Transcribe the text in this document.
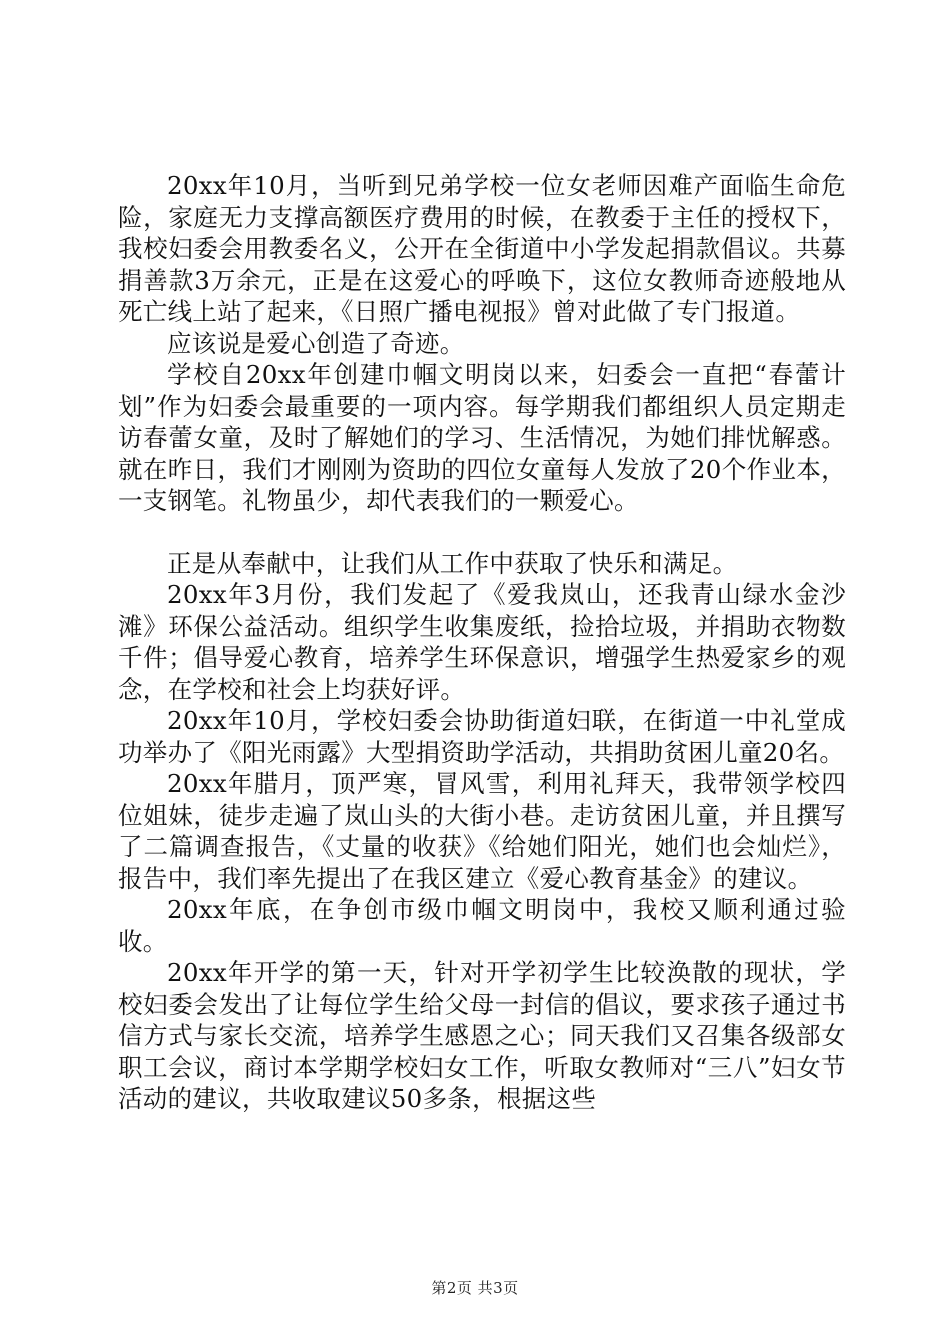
20xx年10月，当听到兄弟学校一位女老师因难产面临生命危险，家庭无力支撑高额医疗费用的时候，在教委于主任的授权下，我校妇委会用教委名义，公开在全街道中小学发起捐款倡议。共募捐善款3万余元，正是在这爱心的呼唤下，这位女教师奇迹般地从死亡线上站了起来，《日照广播电视报》曾对此做了专门报道。

应该说是爱心创造了奇迹。

学校自20xx年创建巾帼文明岗以来，妇委会一直把“春蕾计划”作为妇委会最重要的一项内容。每学期我们都组织人员定期走访春蕾女童，及时了解她们的学习、生活情况，为她们排忧解惑。就在昨日，我们才刚刚为资助的四位女童每人发放了20个作业本，一支钢笔。礼物虽少，却代表我们的一颗爱心。

正是从奉献中，让我们从工作中获取了快乐和满足。

20xx年3月份，我们发起了《爱我岚山，还我青山绿水金沙滩》环保公益活动。组织学生收集废纸，捡拾垃圾，并捐助衣物数千件；倡导爱心教育，培养学生环保意识，增强学生热爱家乡的观念，在学校和社会上均获好评。

20xx年10月，学校妇委会协助街道妇联，在街道一中礼堂成功举办了《阳光雨露》大型捐资助学活动，共捐助贫困儿童20名。

20xx年腊月，顶严寒，冒风雪，利用礼拜天，我带领学校四位姐妹，徒步走遍了岚山头的大街小巷。走访贫困儿童，并且撰写了二篇调查报告，《丈量的收获》《给她们阳光，她们也会灿烂》，报告中，我们率先提出了在我区建立《爱心教育基金》的建议。

20xx年底，在争创市级巾帼文明岗中，我校又顺利通过验收。

20xx年开学的第一天，针对开学初学生比较涣散的现状，学校妇委会发出了让每位学生给父母一封信的倡议，要求孩子通过书信方式与家长交流，培养学生感恩之心；同天我们又召集各级部女职工会议，商讨本学期学校妇女工作，听取女教师对“三八”妇女节活动的建议，共收取建议50多条，根据这些

第2页 共3页
